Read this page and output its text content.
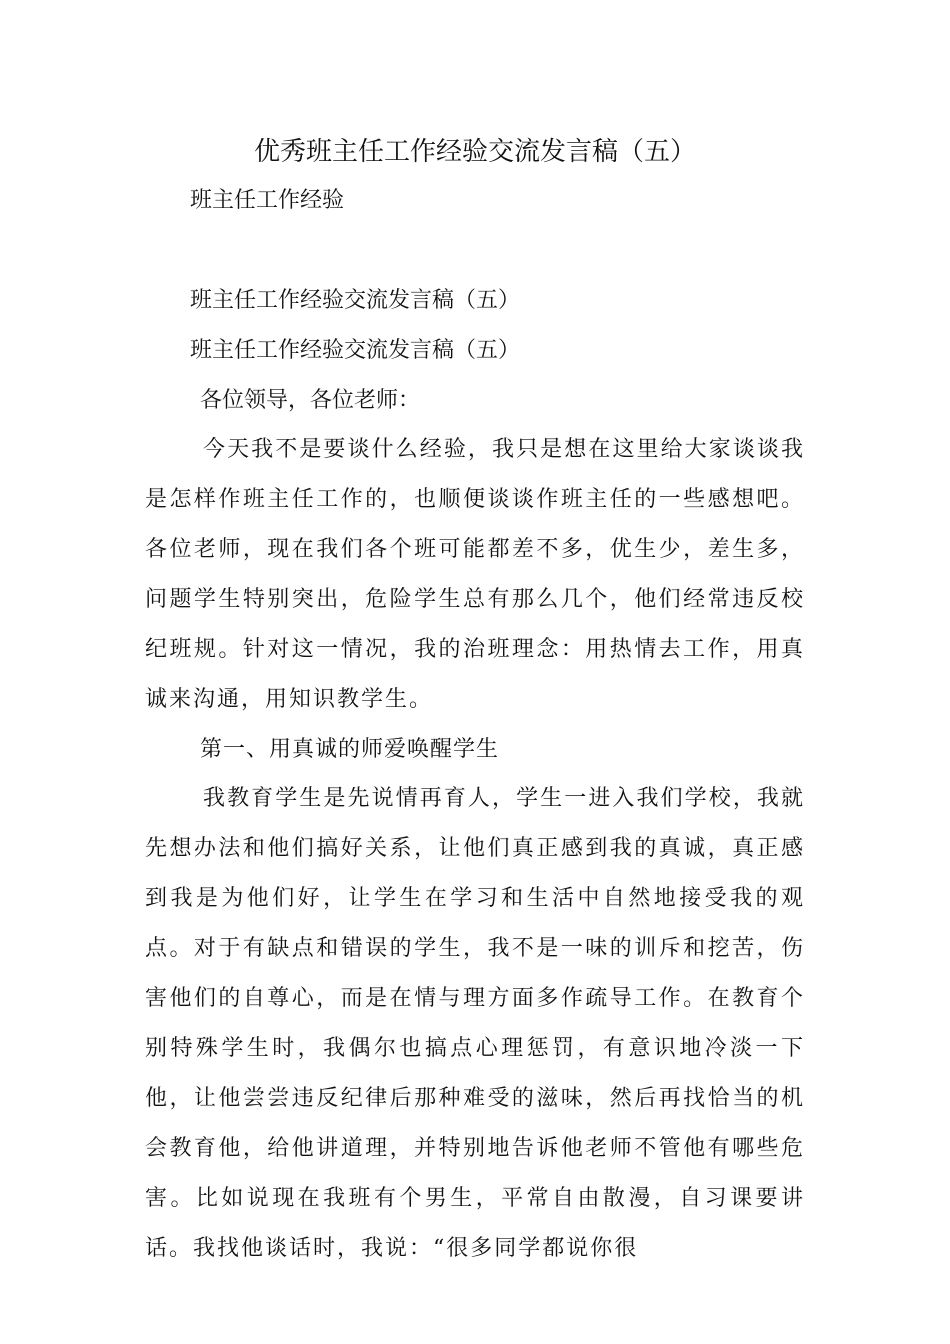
优秀班主任工作经验交流发言稿（五）
班主任工作经验
班主任工作经验交流发言稿（五）
班主任工作经验交流发言稿（五）
各位领导，各位老师：
今天我不是要谈什么经验，我只是想在这里给大家谈谈我是怎样作班主任工作的，也顺便谈谈作班主任的一些感想吧。各位老师，现在我们各个班可能都差不多，优生少，差生多，问题学生特别突出，危险学生总有那么几个，他们经常违反校纪班规。针对这一情况，我的治班理念：用热情去工作，用真诚来沟通，用知识教学生。
第一、用真诚的师爱唤醒学生
我教育学生是先说情再育人，学生一进入我们学校，我就先想办法和他们搞好关系，让他们真正感到我的真诚，真正感到我是为他们好，让学生在学习和生活中自然地接受我的观点。对于有缺点和错误的学生，我不是一味的训斥和挖苦，伤害他们的自尊心，而是在情与理方面多作疏导工作。在教育个别特殊学生时，我偶尔也搞点心理惩罚，有意识地冷淡一下他，让他尝尝违反纪律后那种难受的滋味，然后再找恰当的机会教育他，给他讲道理，并特别地告诉他老师不管他有哪些危害。比如说现在我班有个男生，平常自由散漫，自习课要讲话。我找他谈话时，我说：“很多同学都说你很
